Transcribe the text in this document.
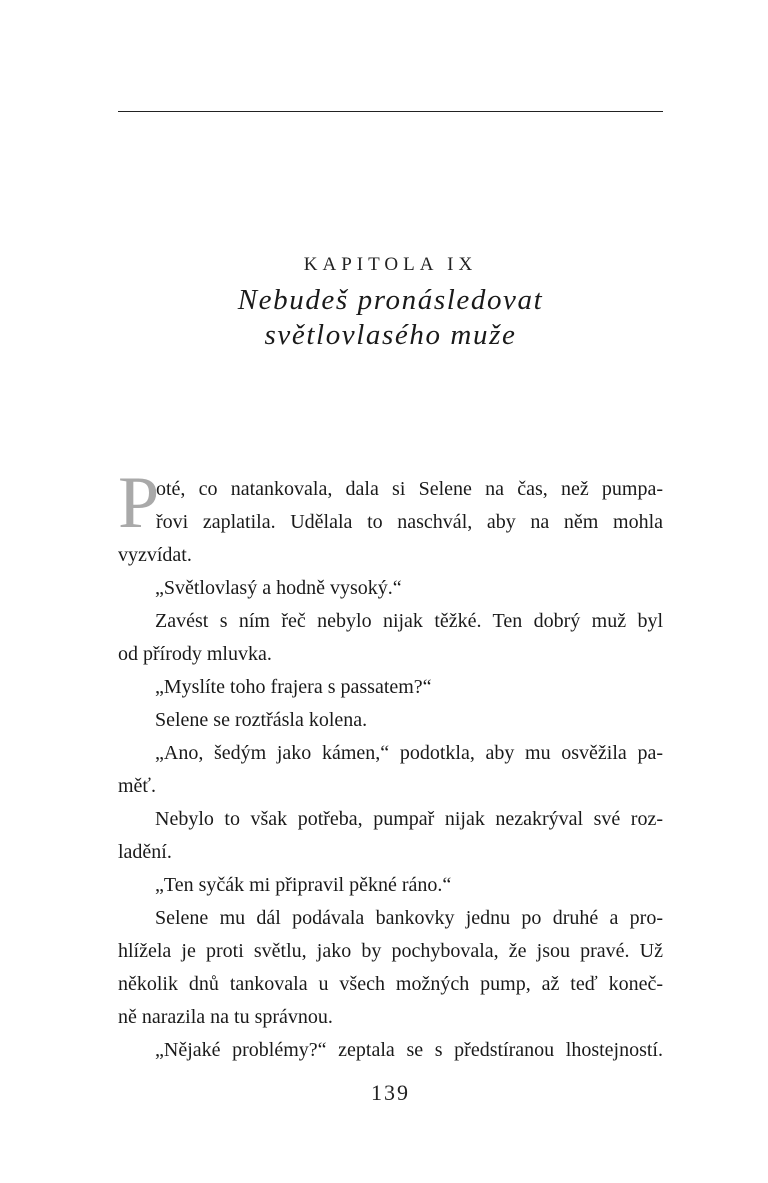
KAPITOLA IX
Nebudeš pronásledovat
světlovlasého muže
P
oté, co natankovala, dala si Selene na čas, než pumpa-
řovi zaplatila. Udělala to naschvál, aby na něm mohla
vyzvídat.
„Světlovlasý a hodně vysoký.“
Zavést s ním řeč nebylo nijak těžké. Ten dobrý muž byl
od přírody mluvka.
„Myslíte toho frajera s passatem?“
Selene se roztřásla kolena.
„Ano, šedým jako kámen,“ podotkla, aby mu osvěžila pa-
měť.
Nebylo to však potřeba, pumpař nijak nezakrýval své roz-
ladění.
„Ten syčák mi připravil pěkné ráno.“
Selene mu dál podávala bankovky jednu po druhé a pro-
hlížela je proti světlu, jako by pochybovala, že jsou pravé. Už
několik dnů tankovala u všech možných pump, až teď koneč-
ně narazila na tu správnou.
„Nějaké problémy?“ zeptala se s předstíranou lhostejností.
139
